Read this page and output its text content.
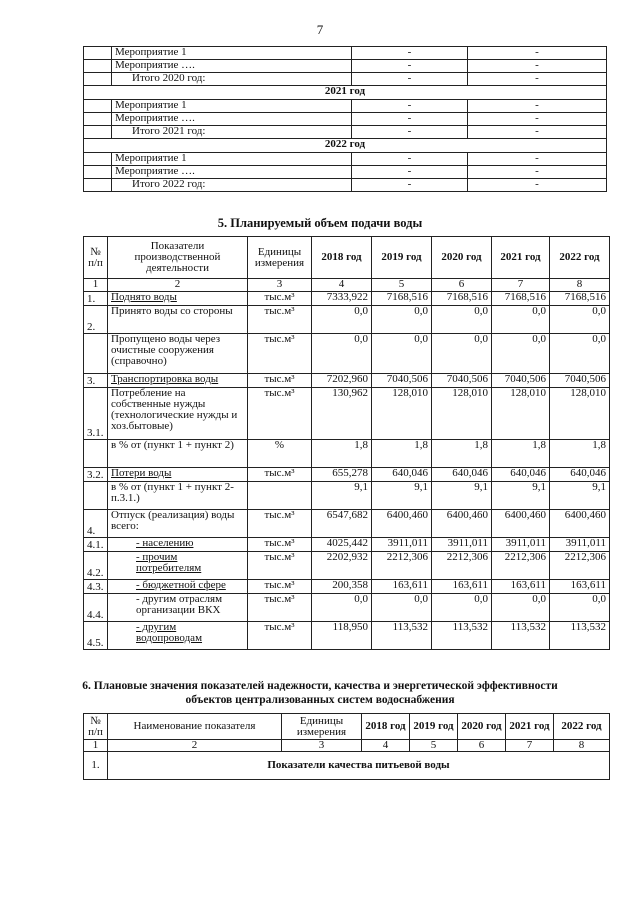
7
	Мероприятие 1	-	-
	Мероприятие ….	-	-
	Итого 2020 год:	-	-
2021 год			
	Мероприятие 1	-	-
	Мероприятие ….	-	-
	Итого 2021 год:	-	-
2022 год			
	Мероприятие 1	-	-
	Мероприятие ….	-	-
	Итого 2022 год:	-	-
5. Планируемый объем подачи воды
№ п/п	Показатели производственной деятельности	Единицы измерения	2018 год	2019 год	2020 год	2021 год	2022 год
1	2	3	4	5	6	7	8
1.	Поднято воды	тыс.м³	7333,922	7168,516	7168,516	7168,516	7168,516
2.	Принято воды со стороны	тыс.м³	0,0	0,0	0,0	0,0	0,0
	Пропущено воды через очистные сооружения (справочно)	тыс.м³	0,0	0,0	0,0	0,0	0,0
3.	Транспортировка воды	тыс.м³	7202,960	7040,506	7040,506	7040,506	7040,506
3.1.	Потребление на собственные нужды (технологические нужды и хоз.бытовые)	тыс.м³	130,962	128,010	128,010	128,010	128,010
	в % от (пункт 1 + пункт 2)	%	1,8	1,8	1,8	1,8	1,8
3.2.	Потери воды	тыс.м³	655,278	640,046	640,046	640,046	640,046
	в % от (пункт 1 + пункт 2-п.3.1.)		9,1	9,1	9,1	9,1	9,1
4.	Отпуск (реализация) воды всего:	тыс.м³	6547,682	6400,460	6400,460	6400,460	6400,460
4.1.	- населению	тыс.м³	4025,442	3911,011	3911,011	3911,011	3911,011
4.2.	- прочим потребителям	тыс.м³	2202,932	2212,306	2212,306	2212,306	2212,306
4.3.	- бюджетной сфере	тыс.м³	200,358	163,611	163,611	163,611	163,611
4.4.	- другим отраслям организации ВКХ	тыс.м³	0,0	0,0	0,0	0,0	0,0
4.5.	- другим водопроводам	тыс.м³	118,950	113,532	113,532	113,532	113,532
6. Плановые значения показателей надежности, качества и энергетической эффективности
объектов централизованных систем водоснабжения
№ п/п	Наименование показателя	Единицы измерения	2018 год	2019 год	2020 год	2021 год	2022 год
1	2	3	4	5	6	7	8
1.	Показатели качества питьевой воды						
